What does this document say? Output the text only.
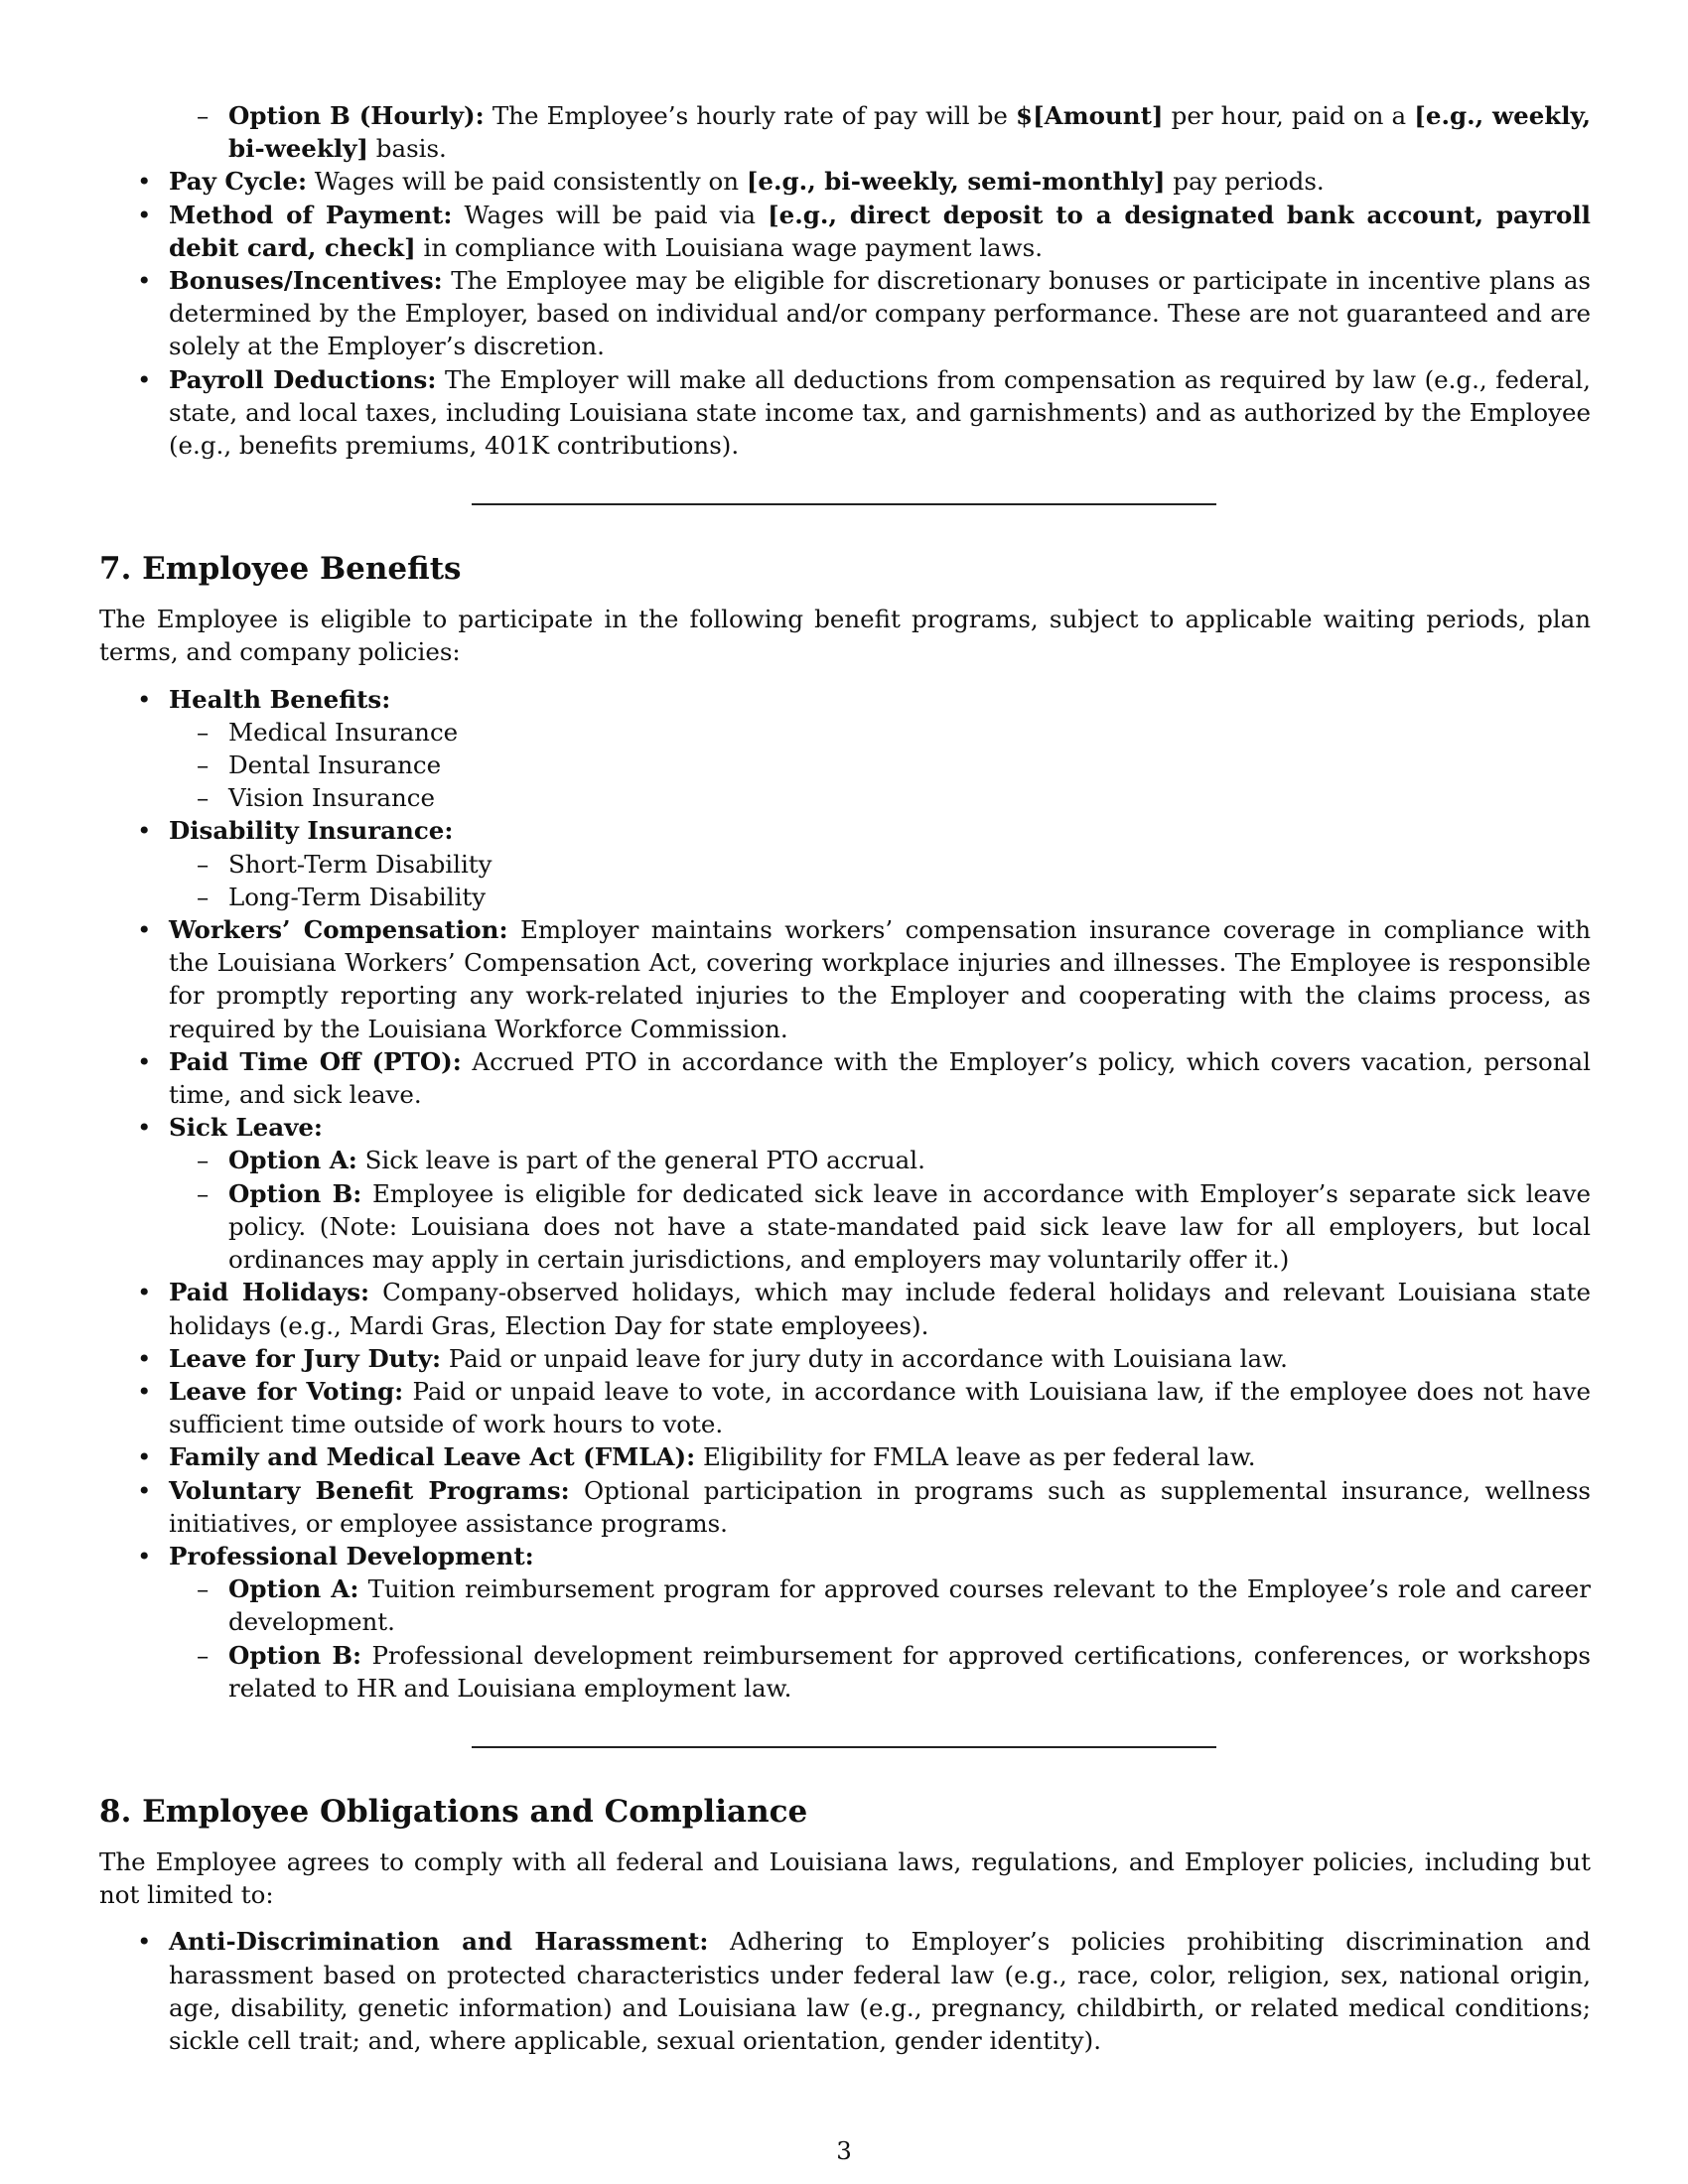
– Option B (Hourly): The Employee’s hourly rate of pay will be $[Amount] per hour, paid on a [e.g., weekly, bi-weekly] basis.
• Pay Cycle: Wages will be paid consistently on [e.g., bi-weekly, semi-monthly] pay periods.
• Method of Payment: Wages will be paid via [e.g., direct deposit to a designated bank account, payroll debit card, check] in compliance with Louisiana wage payment laws.
• Bonuses/Incentives: The Employee may be eligible for discretionary bonuses or participate in incentive plans as determined by the Employer, based on individual and/or company performance. These are not guaranteed and are solely at the Employer’s discretion.
• Payroll Deductions: The Employer will make all deductions from compensation as required by law (e.g., federal, state, and local taxes, including Louisiana state income tax, and garnishments) and as authorized by the Employee (e.g., benefits premiums, 401K contributions).
7. Employee Benefits

The Employee is eligible to participate in the following benefit programs, subject to applicable waiting periods, plan terms, and company policies:

• Health Benefits:
– Medical Insurance
– Dental Insurance
– Vision Insurance
• Disability Insurance:
– Short-Term Disability
– Long-Term Disability
• Workers’ Compensation: Employer maintains workers’ compensation insurance coverage in compliance with the Louisiana Workers’ Compensation Act, covering workplace injuries and illnesses. The Employee is responsible for promptly reporting any work-related injuries to the Employer and cooperating with the claims process, as required by the Louisiana Workforce Commission.
• Paid Time Off (PTO): Accrued PTO in accordance with the Employer’s policy, which covers vacation, personal time, and sick leave.
• Sick Leave:
– Option A: Sick leave is part of the general PTO accrual.
– Option B: Employee is eligible for dedicated sick leave in accordance with Employer’s separate sick leave policy. (Note: Louisiana does not have a state-mandated paid sick leave law for all employers, but local ordinances may apply in certain jurisdictions, and employers may voluntarily offer it.)
• Paid Holidays: Company-observed holidays, which may include federal holidays and relevant Louisiana state holidays (e.g., Mardi Gras, Election Day for state employees).
• Leave for Jury Duty: Paid or unpaid leave for jury duty in accordance with Louisiana law.
• Leave for Voting: Paid or unpaid leave to vote, in accordance with Louisiana law, if the employee does not have sufficient time outside of work hours to vote.
• Family and Medical Leave Act (FMLA): Eligibility for FMLA leave as per federal law.
• Voluntary Benefit Programs: Optional participation in programs such as supplemental insurance, wellness initiatives, or employee assistance programs.
• Professional Development:
– Option A: Tuition reimbursement program for approved courses relevant to the Employee’s role and career development.
– Option B: Professional development reimbursement for approved certifications, conferences, or workshops related to HR and Louisiana employment law.
8. Employee Obligations and Compliance

The Employee agrees to comply with all federal and Louisiana laws, regulations, and Employer policies, including but not limited to:

• Anti-Discrimination and Harassment: Adhering to Employer’s policies prohibiting discrimination and harassment based on protected characteristics under federal law (e.g., race, color, religion, sex, national origin, age, disability, genetic information) and Louisiana law (e.g., pregnancy, childbirth, or related medical conditions; sickle cell trait; and, where applicable, sexual orientation, gender identity).
3
